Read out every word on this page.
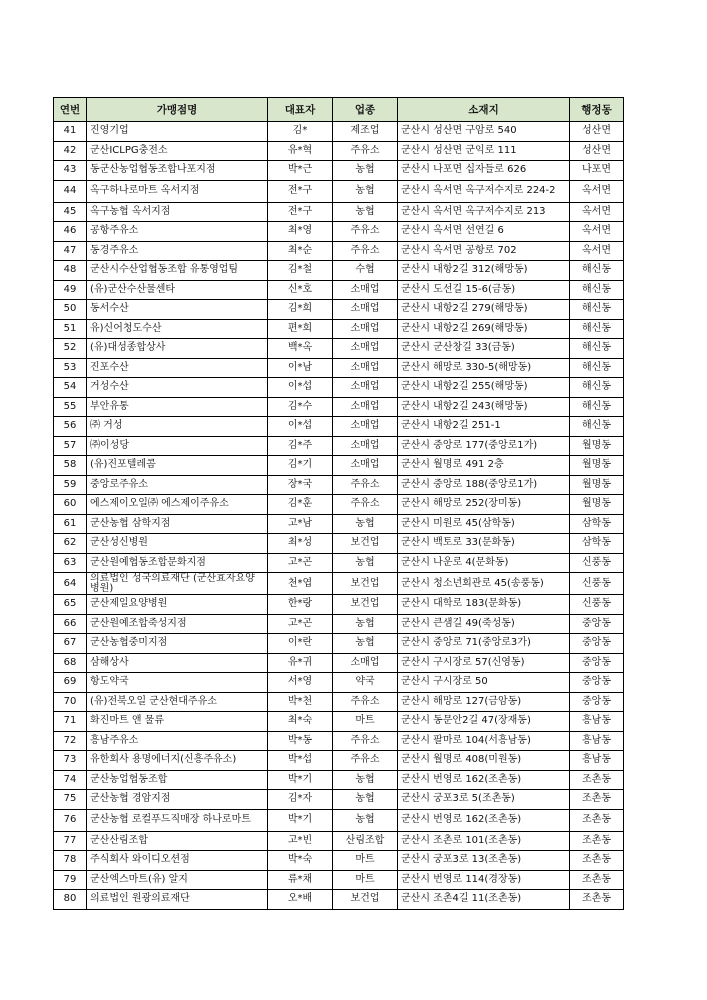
연번	가맹점명	대표자	업종	소재지	행정동
41	진영기업	김*	제조업	군산시 성산면 구암로 540	성산면
42	군산ICLPG충전소	유*혁	주유소	군산시 성산면 군익로 111	성산면
43	동군산농업협동조합나포지점	박*근	농협	군산시 나포면 십자들로 626	나포면
44	옥구하나로마트 옥서지점	전*구	농협	군산시 옥서면 옥구저수지로 224-2	옥서면
45	옥구농협 옥서지점	전*구	농협	군산시 옥서면 옥구저수지로 213	옥서면
46	공항주유소	최*영	주유소	군산시 옥서면 선연길 6	옥서면
47	동경주유소	최*순	주유소	군산시 옥서면 공항로 702	옥서면
48	군산시수산업협동조합 유통영업팀	김*철	수협	군산시 내항2길 312(해망동)	해신동
49	(유)군산수산물센타	신*호	소매업	군산시 도선길 15-6(금동)	해신동
50	동서수산	김*희	소매업	군산시 내항2길 279(해망동)	해신동
51	유)신어청도수산	편*희	소매업	군산시 내항2길 269(해망동)	해신동
52	(유)대성종합상사	백*옥	소매업	군산시 군산창길 33(금동)	해신동
53	진포수산	이*남	소매업	군산시 해망로 330-5(해망동)	해신동
54	거성수산	이*섭	소매업	군산시 내항2길 255(해망동)	해신동
55	부안유통	김*수	소매업	군산시 내항2길 243(해망동)	해신동
56	㈜ 거성	이*섭	소매업	군산시 내항2길 251-1	해신동
57	㈜이성당	김*주	소매업	군산시 중앙로 177(중앙로1가)	월명동
58	(유)진포텔레콤	김*기	소매업	군산시 월명로 491 2층	월명동
59	중앙로주유소	장*국	주유소	군산시 중앙로 188(중앙로1가)	월명동
60	에스제이오일㈜ 에스제이주유소	김*훈	주유소	군산시 해망로 252(장미동)	월명동
61	군산농협 삼학지점	고*남	농협	군산시 미원로 45(삼학동)	삼학동
62	군산성신병원	최*성	보건업	군산시 백토로 33(문화동)	삼학동
63	군산원예협동조합문화지점	고*곤	농협	군산시 나운로 4(문화동)	신풍동
64	의료법인 성국의료재단 (군산효자요양병원)	천*엽	보건업	군산시 청소년회관로 45(송풍동)	신풍동
65	군산제일요양병원	한*랑	보건업	군산시 대학로 183(문화동)	신풍동
66	군산원예조합죽성지점	고*곤	농협	군산시 큰샘길 49(죽성동)	중앙동
67	군산농협중미지점	이*란	농협	군산시 중앙로 71(중앙로3가)	중앙동
68	삼해상사	유*귀	소매업	군산시 구시장로 57(신영동)	중앙동
69	항도약국	서*영	약국	군산시 구시장로 50	중앙동
70	(유)전북오일 군산현대주유소	박*천	주유소	군산시 해망로 127(금암동)	중앙동
71	화진마트 앤 물류	최*숙	마트	군산시 동문안2길 47(장재동)	흥남동
72	흥남주유소	박*동	주유소	군산시 팔마로 104(서흥남동)	흥남동
73	유한회사 용명에너지(신흥주유소)	박*섭	주유소	군산시 월명로 408(미원동)	흥남동
74	군산농업협동조합	박*기	농협	군산시 번영로 162(조촌동)	조촌동
75	군산농협 경암지점	김*자	농협	군산시 궁포3로 5(조촌동)	조촌동
76	군산농협 로컬푸드직매장 하나로마트	박*기	농협	군산시 번영로 162(조촌동)	조촌동
77	군산산림조합	고*빈	산림조합	군산시 조촌로 101(조촌동)	조촌동
78	주식회사 와이디오션점	박*숙	마트	군산시 궁포3로 13(조촌동)	조촌동
79	군산엑스마트(유) 알지	류*채	마트	군산시 번영로 114(경장동)	조촌동
80	의료법인 원광의료재단	오*배	보건업	군산시 조촌4길 11(조촌동)	조촌동
